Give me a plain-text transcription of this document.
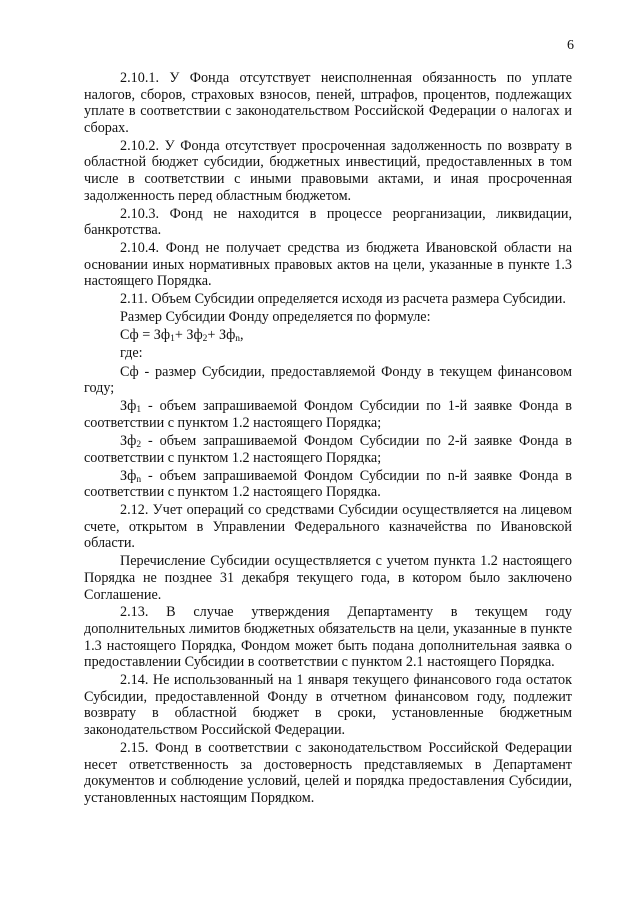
6

2.10.1. У Фонда отсутствует неисполненная обязанность по уплате налогов, сборов, страховых взносов, пеней, штрафов, процентов, подлежащих уплате в соответствии с законодательством Российской Федерации о налогах и сборах.

2.10.2. У Фонда отсутствует просроченная задолженность по возврату в областной бюджет субсидии, бюджетных инвестиций, предоставленных в том числе в соответствии с иными правовыми актами, и иная просроченная задолженность перед областным бюджетом.

2.10.3. Фонд не находится в процессе реорганизации, ликвидации, банкротства.

2.10.4. Фонд не получает средства из бюджета Ивановской области на основании иных нормативных правовых актов на цели, указанные в пункте 1.3 настоящего Порядка.

2.11. Объем Субсидии определяется исходя из расчета размера Субсидии.

Размер Субсидии Фонду определяется по формуле:

Сф = $Зф_1+ Зф_2+ Зф_n$,
где:

Сф - размер Субсидии, предоставляемой Фонду в текущем финансовом году;

$Зф_1$ - объем запрашиваемой Фондом Субсидии по 1-й заявке Фонда в соответствии с пунктом 1.2 настоящего Порядка;

$Зф_2$ - объем запрашиваемой Фондом Субсидии по 2-й заявке Фонда в соответствии с пунктом 1.2 настоящего Порядка;

$Зф_n$ - объем запрашиваемой Фондом Субсидии по n-й заявке Фонда в соответствии с пунктом 1.2 настоящего Порядка.

2.12. Учет операций со средствами Субсидии осуществляется на лицевом счете, открытом в Управлении Федерального казначейства по Ивановской области.

Перечисление Субсидии осуществляется с учетом пункта 1.2 настоящего Порядка не позднее 31 декабря текущего года, в котором было заключено Соглашение.

2.13. В случае утверждения Департаменту в текущем году дополнительных лимитов бюджетных обязательств на цели, указанные в пункте 1.3 настоящего Порядка, Фондом может быть подана дополнительная заявка о предоставлении Субсидии в соответствии с пунктом 2.1 настоящего Порядка.

2.14. Не использованный на 1 января текущего финансового года остаток Субсидии, предоставленной Фонду в отчетном финансовом году, подлежит возврату в областной бюджет в сроки, установленные бюджетным законодательством Российской Федерации.

2.15. Фонд в соответствии с законодательством Российской Федерации несет ответственность за достоверность представляемых в Департамент документов и соблюдение условий, целей и порядка предоставления Субсидии, установленных настоящим Порядком.
